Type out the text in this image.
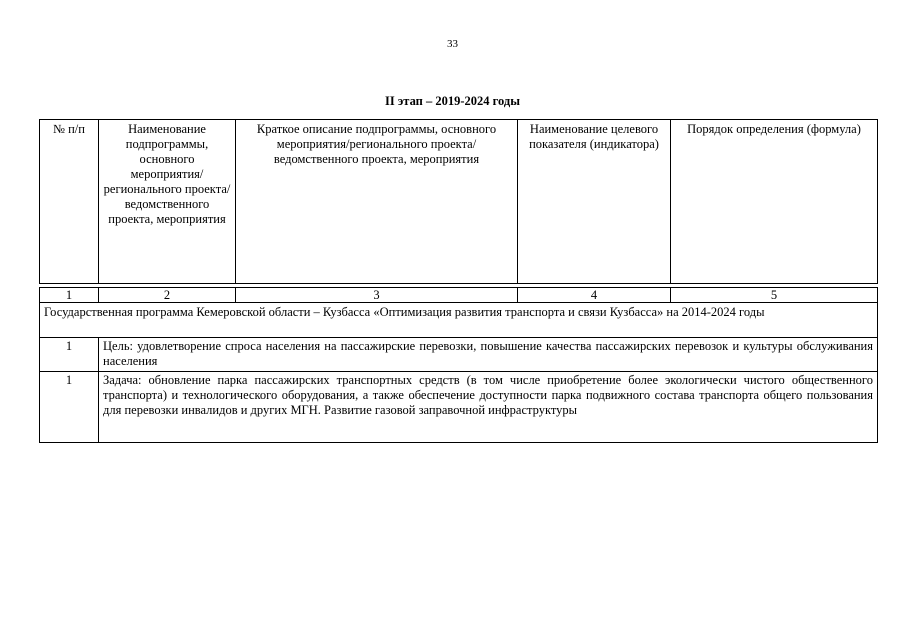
33
II этап – 2019-2024 годы
№ п/п	Наименование подпрограммы, основного мероприятия/ регионального проекта/ ведомственного проекта, мероприятия	Краткое описание подпрограммы, основного мероприятия/регионального проекта/ведомственного проекта, мероприятия	Наименование целевого показателя (индикатора)	Порядок определения (формула)
1	2	3	4	5
Государственная программа Кемеровской области – Кузбасса «Оптимизация развития транспорта и связи Кузбасса» на 2014-2024 годы				
1	Цель: удовлетворение спроса населения на пассажирские перевозки, повышение качества пассажирских перевозок и культуры обслуживания населения			
1	Задача: обновление парка пассажирских транспортных средств (в том числе приобретение более экологически чистого общественного транспорта) и технологического оборудования, а также обеспечение доступности парка подвижного состава транспорта общего пользования для перевозки инвалидов и других МГН. Развитие газовой заправочной инфраструктуры			
